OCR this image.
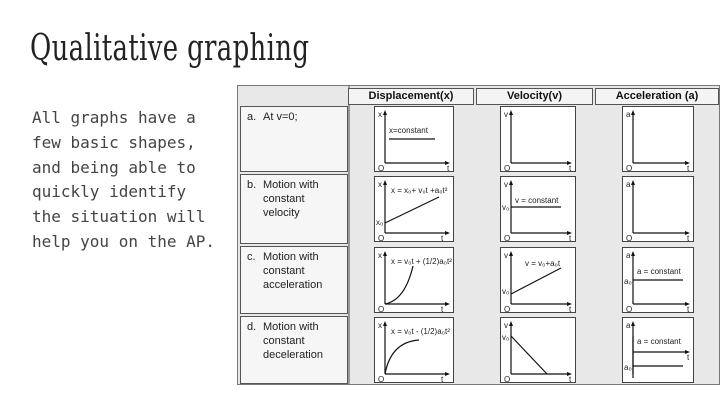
Qualitative graphing
All graphs have a
few basic shapes,
and being able to
quickly identify
the situation will
help you on the AP.
Displacement(x)	Velocity(v)	Acceleration (a)
a. At v=0;
b. Motion with constant velocity
c. Motion with constant acceleration
d. Motion with constant deceleration
x=constant
x
t
O
v
t
O
a
t
O
x = x₀+ v₀t +a₀t²
x₀
x
t
O
v = constant
v₀
v
t
O
a
t
O
x = v₀t + (1/2)a₀t²
x
t
O
v = v₀+a₀t
v₀
v
t
O
a = constant
a₀
a
t
O
x = v₀t - (1/2)a₀t²
x
t
O
v₀
v
t
O
a = constant
a₀
a
t
